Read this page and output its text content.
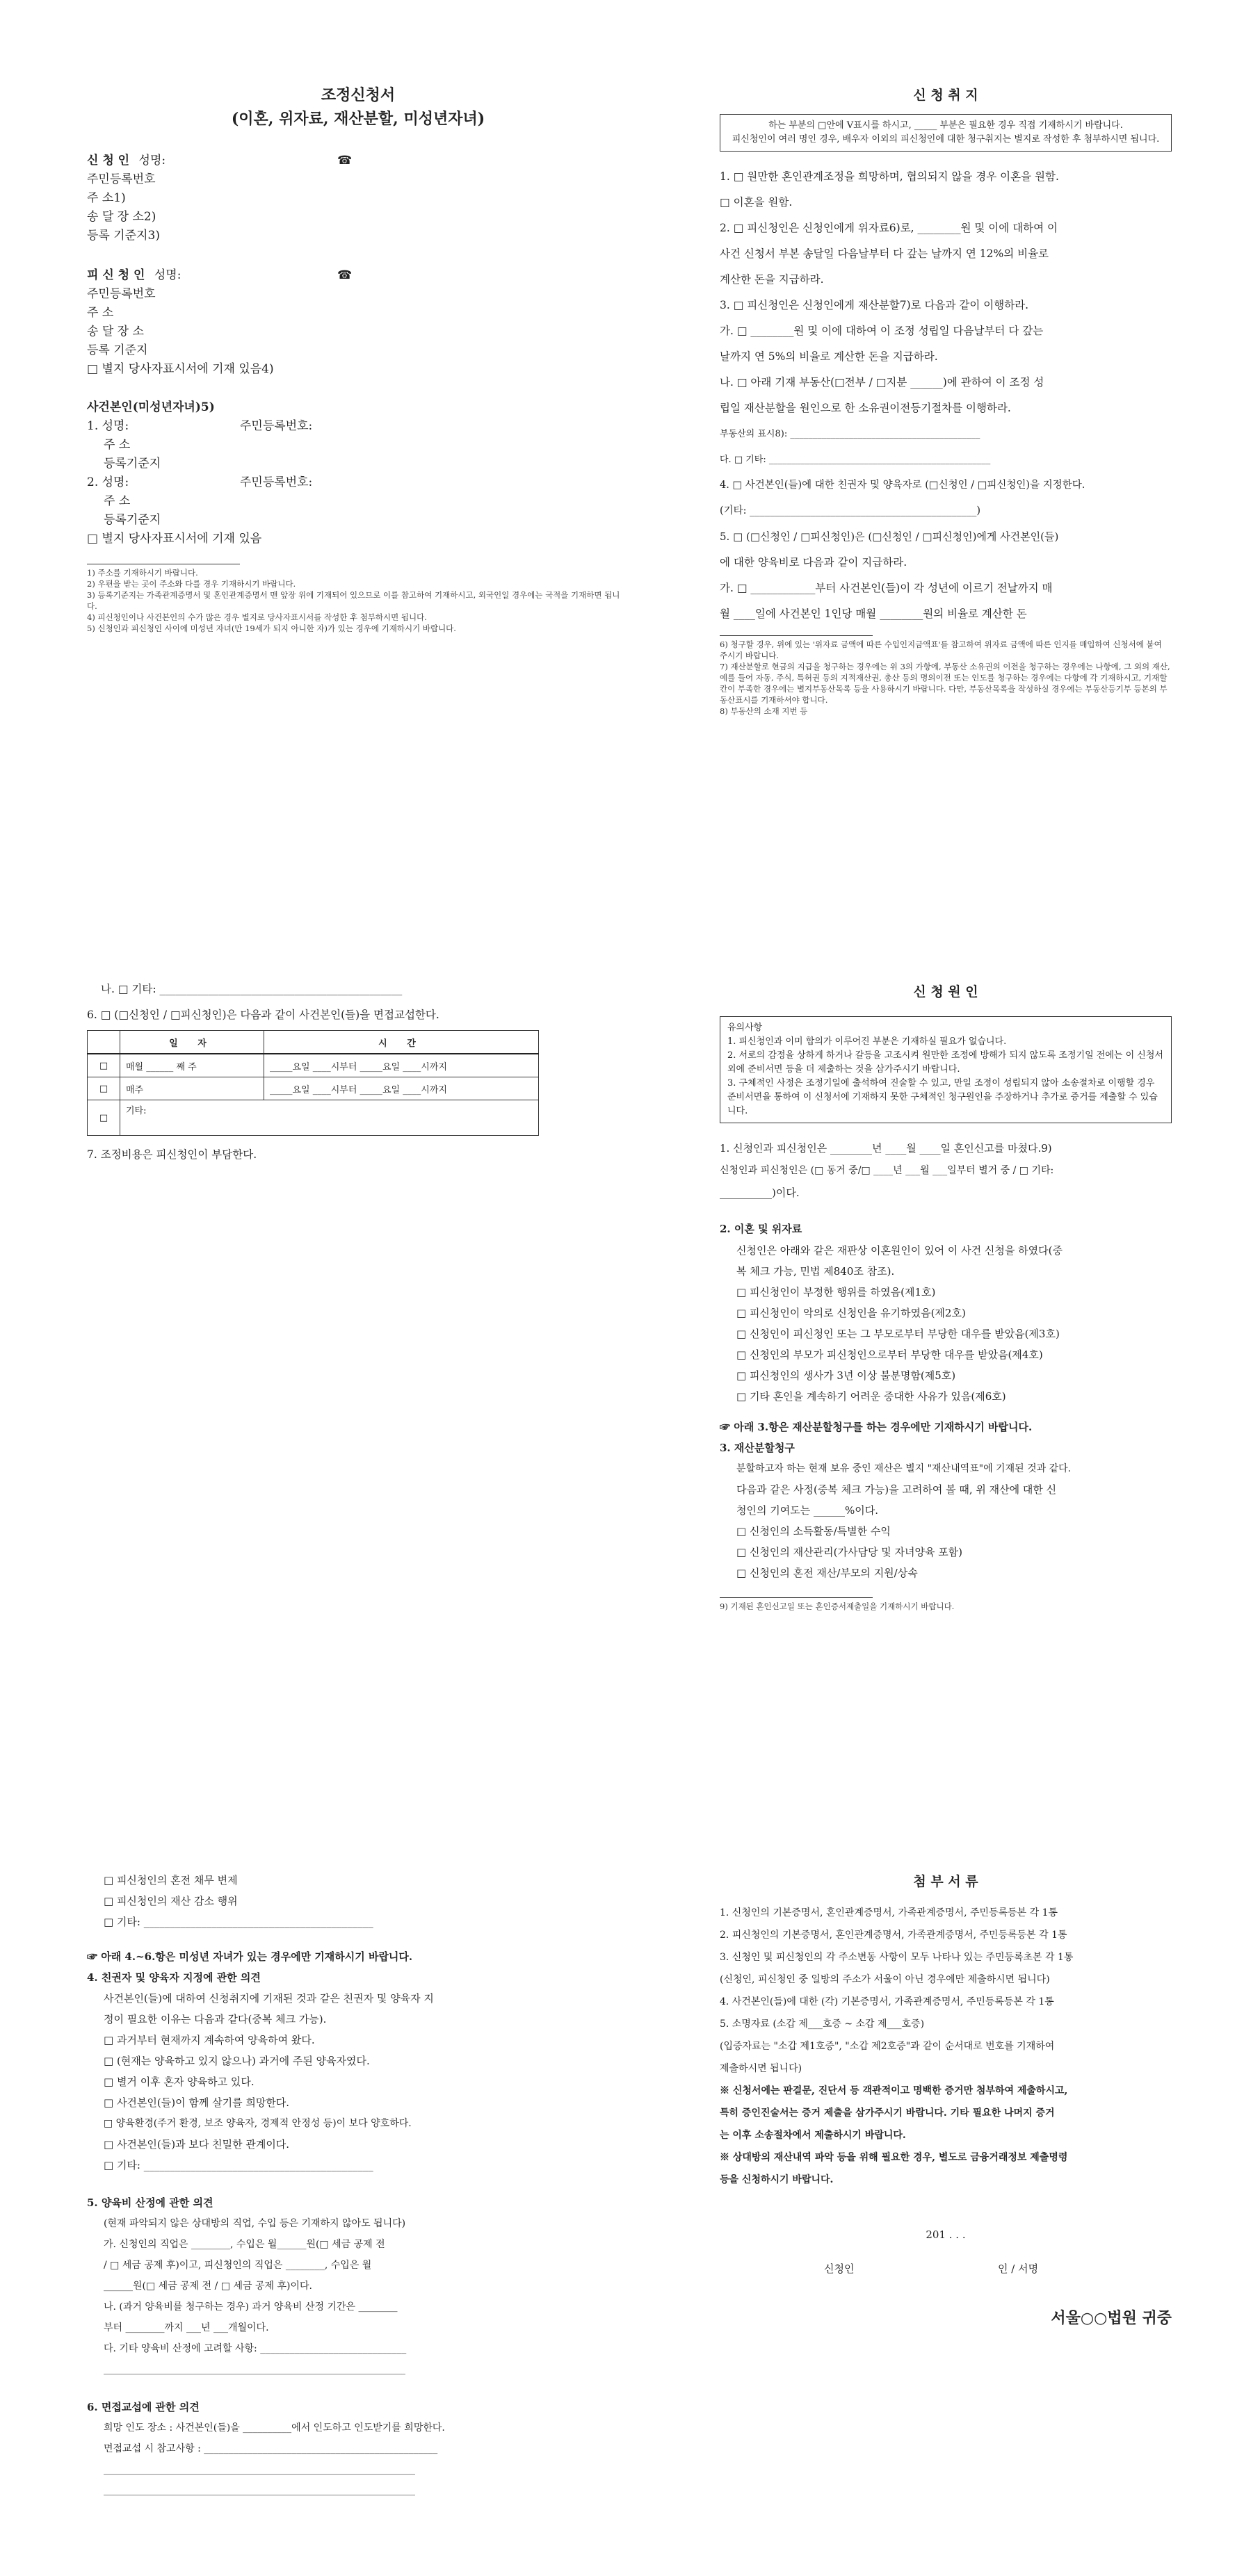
조정신청서
(이혼, 위자료, 재산분할, 미성년자녀)
신 청 인 성명:	☎
주민등록번호
주 소1)
송 달 장 소2)
등록 기준지3)
피 신 청 인 성명:	☎
주민등록번호
주 소
송 달 장 소
등록 기준지
□ 별지 당사자표시서에 기재 있음4)
사건본인(미성년자녀)5)
1. 성명:	주민등록번호:
주 소
등록기준지
2. 성명:	주민등록번호:
주 소
등록기준지
□ 별지 당사자표시서에 기재 있음
1) 주소를 기재하시기 바랍니다.
2) 우편을 받는 곳이 주소와 다를 경우 기재하시기 바랍니다.
3) 등록기준지는 가족관계증명서 및 혼인관계증명서 맨 앞장 위에 기재되어 있으므로 이를 참고하여 기재하시고, 외국인일 경우에는 국적을 기재하면 됩니다.
4) 피신청인이나 사건본인의 수가 많은 경우 별지로 당사자표시서를 작성한 후 첨부하시면 됩니다.
5) 신청인과 피신청인 사이에 미성년 자녀(만 19세가 되지 아니한 자)가 있는 경우에 기재하시기 바랍니다.
신 청 취 지
하는 부분의 □안에 V표시를 하시고, _____ 부분은 필요한 경우 직접 기재하시기 바랍니다.
피신청인이 여러 명인 경우, 배우자 이외의 피신청인에 대한 청구취지는 별지로 작성한 후 첨부하시면 됩니다.
1. □ 원만한 혼인관계조정을 희망하며, 협의되지 않을 경우 이혼을 원함.
□ 이혼을 원함.
2. □ 피신청인은 신청인에게 위자료6)로, ________원 및 이에 대하여 이
사건 신청서 부본 송달일 다음날부터 다 갚는 날까지 연 12%의 비율로
계산한 돈을 지급하라.
3. □ 피신청인은 신청인에게 재산분할7)로 다음과 같이 이행하라.
가. □ ________원 및 이에 대하여 이 조정 성립일 다음날부터 다 갚는
날까지 연 5%의 비율로 계산한 돈을 지급하라.
나. □ 아래 기재 부동산(□전부 / □지분 ______)에 관하여 이 조정 성
립일 재산분할을 원인으로 한 소유권이전등기절차를 이행하라.
부동산의 표시8): __________________________________________
다. □ 기타: _________________________________________________
4. □ 사건본인(들)에 대한 친권자 및 양육자로 (□신청인 / □피신청인)을 지정한다.
(기타: _____________________________________________)
5. □ (□신청인 / □피신청인)은 (□신청인 / □피신청인)에게 사건본인(들)
에 대한 양육비로 다음과 같이 지급하라.
가. □ ____________부터 사건본인(들)이 각 성년에 이르기 전날까지 매
월 ____일에 사건본인 1인당 매월 ________원의 비율로 계산한 돈
6) 청구할 경우, 위에 있는 '위자료 금액에 따른 수입인지금액표'를 참고하여 위자료 금액에 따른 인지를 매입하여 신청서에 붙여 주시기 바랍니다.
7) 재산분할로 현금의 지급을 청구하는 경우에는 위 3의 가항에, 부동산 소유권의 이전을 청구하는 경우에는 나항에, 그 외의 재산, 예를 들어 자동, 주식, 특허권 등의 지적재산권, 총산 등의 명의이전 또는 인도를 청구하는 경우에는 다항에 각 기재하시고, 기재할 칸이 부족한 경우에는 별지부동산목록 등을 사용하시기 바랍니다. 다만, 부동산목록을 작성하실 경우에는 부동산등기부 등본의 부동산표시를 기재하셔야 합니다.
8) 부동산의 소재 지번 등
나. □ 기타: _____________________________________________
6. □ (□신청인 / □피신청인)은 다음과 같이 사건본인(들)을 면접교섭한다.
	일 자	시 간
□	매월 ______ 째 주	_____요일 ____시부터 _____요일 ____시까지
□	매주	_____요일 ____시부터 _____요일 ____시까지
□	기타:	
7. 조정비용은 피신청인이 부담한다.
신 청 원 인
유의사항
1. 피신청인과 이미 합의가 이루어진 부분은 기재하실 필요가 없습니다.
2. 서로의 감정을 상하게 하거나 갈등을 고조시켜 원만한 조정에 방해가 되지 않도록 조정기일 전에는 이 신청서 외에 준비서면 등을 더 제출하는 것을 삼가주시기 바랍니다.
3. 구체적인 사정은 조정기일에 출석하여 진술할 수 있고, 만일 조정이 성립되지 않아 소송절차로 이행할 경우 준비서면을 통하여 이 신청서에 기재하지 못한 구체적인 청구원인을 주장하거나 추가로 증거를 제출할 수 있습니다.
1. 신청인과 피신청인은 ________년 ____월 ____일 혼인신고를 마쳤다.9)
신청인과 피신청인은 (□ 동거 중/□ ____년 ___월 ___일부터 별거 중 / □ 기타:
__________)이다.
2. 이혼 및 위자료
신청인은 아래와 같은 재판상 이혼원인이 있어 이 사건 신청을 하였다(중
복 체크 가능, 민법 제840조 참조).
□ 피신청인이 부정한 행위를 하였음(제1호)
□ 피신청인이 악의로 신청인을 유기하였음(제2호)
□ 신청인이 피신청인 또는 그 부모로부터 부당한 대우를 받았음(제3호)
□ 신청인의 부모가 피신청인으로부터 부당한 대우를 받았음(제4호)
□ 피신청인의 생사가 3년 이상 불분명함(제5호)
□ 기타 혼인을 계속하기 어려운 중대한 사유가 있음(제6호)
☞ 아래 3.항은 재산분할청구를 하는 경우에만 기재하시기 바랍니다.
3. 재산분할청구
분할하고자 하는 현재 보유 중인 재산은 별지 "재산내역표"에 기재된 것과 같다.
다음과 같은 사정(중복 체크 가능)을 고려하여 볼 때, 위 재산에 대한 신
청인의 기여도는 ______%이다.
□ 신청인의 소득활동/특별한 수익
□ 신청인의 재산관리(가사담당 및 자녀양육 포함)
□ 신청인의 혼전 재산/부모의 지원/상속
9) 기재된 혼인신고일 또는 혼인증서제출일을 기재하시기 바랍니다.
□ 피신청인의 혼전 채무 변제
□ 피신청인의 재산 감소 행위
□ 기타: ____________________________________________
☞ 아래 4.~6.항은 미성년 자녀가 있는 경우에만 기재하시기 바랍니다.
4. 친권자 및 양육자 지정에 관한 의견
사건본인(들)에 대하여 신청취지에 기재된 것과 같은 친권자 및 양육자 지
정이 필요한 이유는 다음과 같다(중복 체크 가능).
□ 과거부터 현재까지 계속하여 양육하여 왔다.
□ (현재는 양육하고 있지 않으나) 과거에 주된 양육자였다.
□ 별거 이후 혼자 양육하고 있다.
□ 사건본인(들)이 함께 살기를 희망한다.
□ 양육환경(주거 환경, 보조 양육자, 경제적 안정성 등)이 보다 양호하다.
□ 사건본인(들)과 보다 친밀한 관계이다.
□ 기타: ____________________________________________
5. 양육비 산정에 관한 의견
(현재 파악되지 않은 상대방의 직업, 수입 등은 기재하지 않아도 됩니다)
가. 신청인의 직업은 ________, 수입은 월______원(□ 세금 공제 전
/ □ 세금 공제 후)이고, 피신청인의 직업은 ________, 수입은 월
______원(□ 세금 공제 전 / □ 세금 공제 후)이다.
나. (과거 양육비를 청구하는 경우) 과거 양육비 산정 기간은 ________
부터 ________까지 ___년 ___개월이다.
다. 기타 양육비 산정에 고려할 사항: ______________________________
______________________________________________________________
6. 면접교섭에 관한 의견
희망 인도 장소 : 사건본인(들)을 __________에서 인도하고 인도받기를 희망한다.
면접교섭 시 참고사항 : ________________________________________________
________________________________________________________________
________________________________________________________________
첨 부 서 류
1. 신청인의 기본증명서, 혼인관계증명서, 가족관계증명서, 주민등록등본 각 1통
2. 피신청인의 기본증명서, 혼인관계증명서, 가족관계증명서, 주민등록등본 각 1통
3. 신청인 및 피신청인의 각 주소변동 사항이 모두 나타나 있는 주민등록초본 각 1통
(신청인, 피신청인 중 일방의 주소가 서울이 아닌 경우에만 제출하시면 됩니다)
4. 사건본인(들)에 대한 (각) 기본증명서, 가족관계증명서, 주민등록등본 각 1통
5. 소명자료 (소갑 제___호증 ~ 소갑 제___호증)
(입증자료는 "소갑 제1호증", "소갑 제2호증"과 같이 순서대로 번호를 기재하여
제출하시면 됩니다)
※ 신청서에는 판결문, 진단서 등 객관적이고 명백한 증거만 첨부하여 제출하시고,
특히 증인진술서는 증거 제출을 삼가주시기 바랍니다. 기타 필요한 나머지 증거
는 이후 소송절차에서 제출하시기 바랍니다.
※ 상대방의 재산내역 파악 등을 위해 필요한 경우, 별도로 금융거래정보 제출명령
등을 신청하시기 바랍니다.
201 . . .
신청인	인 / 서명
서울○○법원 귀중
